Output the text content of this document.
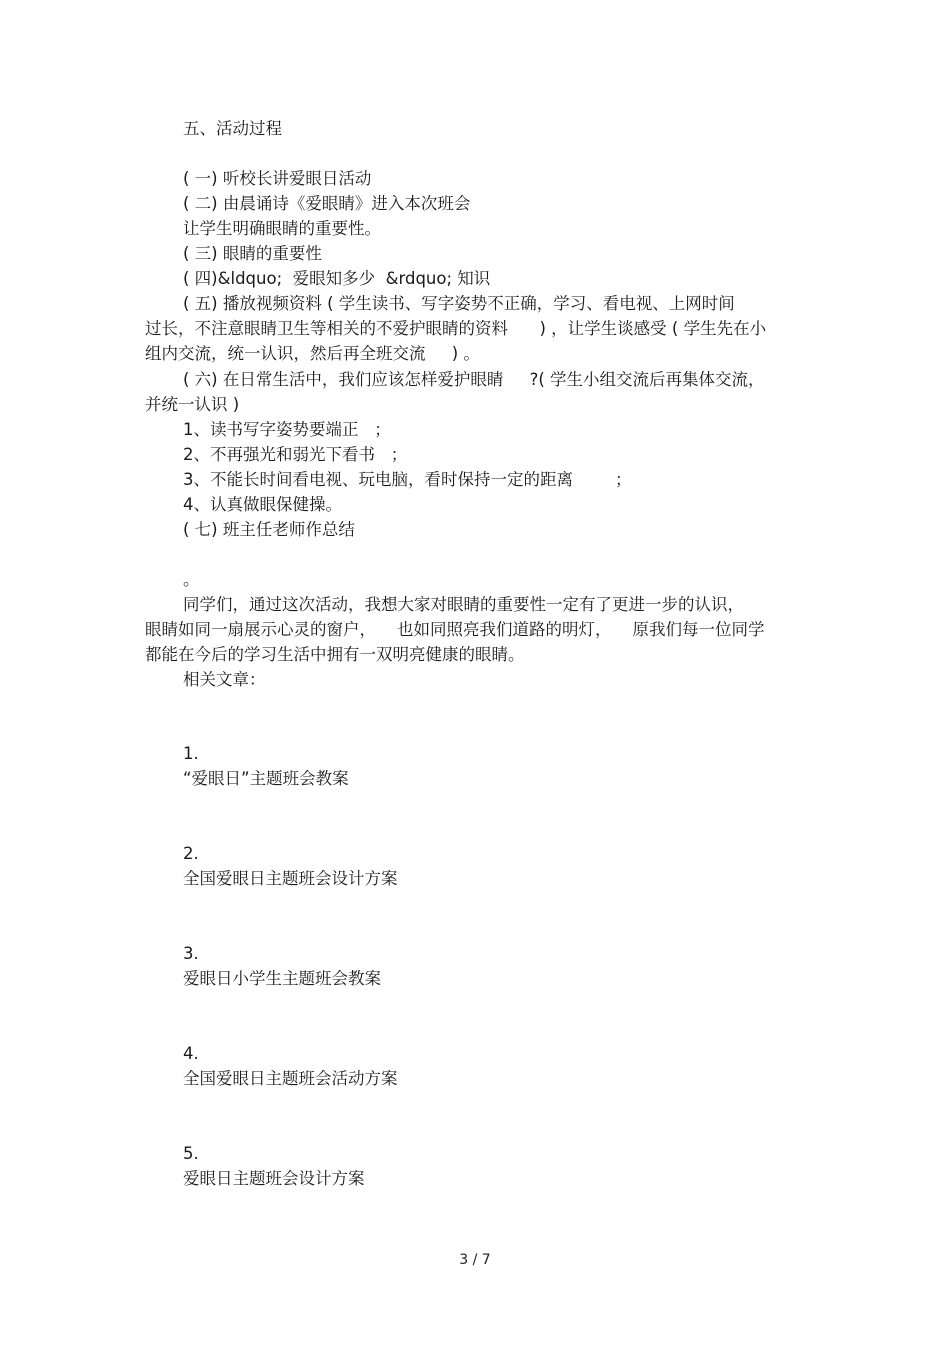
五、活动过程
( 一) 听校长讲爱眼日活动
( 二) 由晨诵诗《爱眼睛》进入本次班会
让学生明确眼睛的重要性。
( 三) 眼睛的重要性
( 四)&ldquo;  爱眼知多少  &rdquo; 知识
( 五) 播放视频资料 ( 学生读书、写字姿势不正确，学习、看电视、上网时间
过长，不注意眼睛卫生等相关的不爱护眼睛的资料      ) ，让学生谈感受 ( 学生先在小
组内交流，统一认识，然后再全班交流     ) 。
( 六) 在日常生活中，我们应该怎样爱护眼睛     ?( 学生小组交流后再集体交流，
并统一认识 )
1、读书写字姿势要端正   ；
2、不再强光和弱光下看书   ；
3、不能长时间看电视、玩电脑，看时保持一定的距离        ；
4、认真做眼保健操。
( 七) 班主任老师作总结
。
同学们，通过这次活动，我想大家对眼睛的重要性一定有了更进一步的认识，
眼睛如同一扇展示心灵的窗户，    也如同照亮我们道路的明灯，    原我们每一位同学
都能在今后的学习生活中拥有一双明亮健康的眼睛。
相关文章：
1.
“爱眼日”主题班会教案
2.
全国爱眼日主题班会设计方案
3.
爱眼日小学生主题班会教案
4.
全国爱眼日主题班会活动方案
5.
爱眼日主题班会设计方案
3 / 7
